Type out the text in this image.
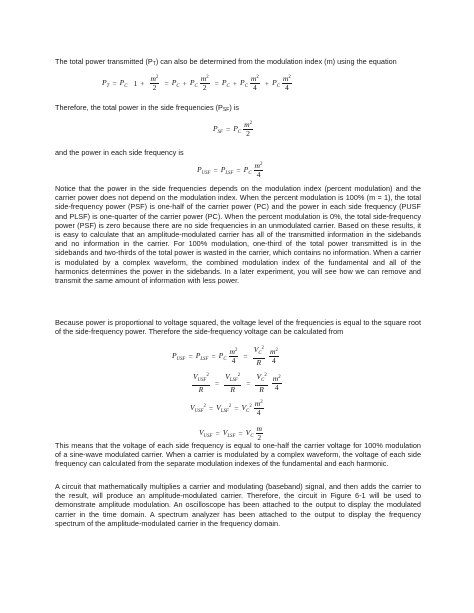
The total power transmitted $(P_T)$ can also be determined from the modulation index (m) using the equation

$P_T = P_C$ $1 + \frac{m^2}{2} = P_C + P_C \frac{m^2}{2} = P_C + P_C \frac{m^2}{4} + P_C \frac{m^2}{4}$

Therefore, the total power in the side frequencies $(P_{SF})$ is

$P_{SF} = P_C \frac{m^2}{2}$

and the power in each side frequency is

$P_{USF} = P_{LSF} = P_C \frac{m^2}{4}$

Notice that the power in the side frequencies depends on the modulation index (percent modulation) and the carrier power does not depend on the modulation index. When the percent modulation is 100% (m = 1), the total side-frequency power (PSF) is one-half of the carrier power (PC) and the power in each side frequency (PUSF and PLSF) is one-quarter of the carrier power (PC). When the percent modulation is 0%, the total side-frequency power (PSF) is zero because there are no side frequencies in an unmodulated carrier. Based on these results, it is easy to calculate that an amplitude-modulated carrier has all of the transmitted information in the sidebands and no information in the carrier. For 100% modulation, one-third of the total power transmitted is in the sidebands and two-thirds of the total power is wasted in the carrier, which contains no information. When a carrier is modulated by a complex waveform, the combined modulation index of the fundamental and all of the harmonics determines the power in the sidebands. In a later experiment, you will see how we can remove and transmit the same amount of information with less power.

Because power is proportional to voltage squared, the voltage level of the frequencies is equal to the square root of the side-frequency power. Therefore the side-frequency voltage can be calculated from

$P_{USF} = P_{LSF} = P_C \frac{m^2}{4} = \frac{V_C^2}{R} \frac{m^2}{4}$
$\frac{V_{USF}^2}{R} = \frac{V_{LSF}^2}{R} = \frac{V_C^2}{R} \frac{m^2}{4}$
$V_{USF}^2 = V_{LSF}^2 = V_C^2 \frac{m^2}{4}$
$V_{USF} = V_{LSF} = V_C \frac{m}{2}$

This means that the voltage of each side frequency is equal to one-half the carrier voltage for 100% modulation of a sine-wave modulated carrier. When a carrier is modulated by a complex waveform, the voltage of each side frequency can calculated from the separate modulation indexes of the fundamental and each harmonic.

A circuit that mathematically multiplies a carrier and modulating (baseband) signal, and then adds the carrier to the result, will produce an amplitude-modulated carrier. Therefore, the circuit in Figure 6-1 will be used to demonstrate amplitude modulation. An oscilloscope has been attached to the output to display the modulated carrier in the time domain. A spectrum analyzer has been attached to the output to display the frequency spectrum of the amplitude-modulated carrier in the frequency domain.
